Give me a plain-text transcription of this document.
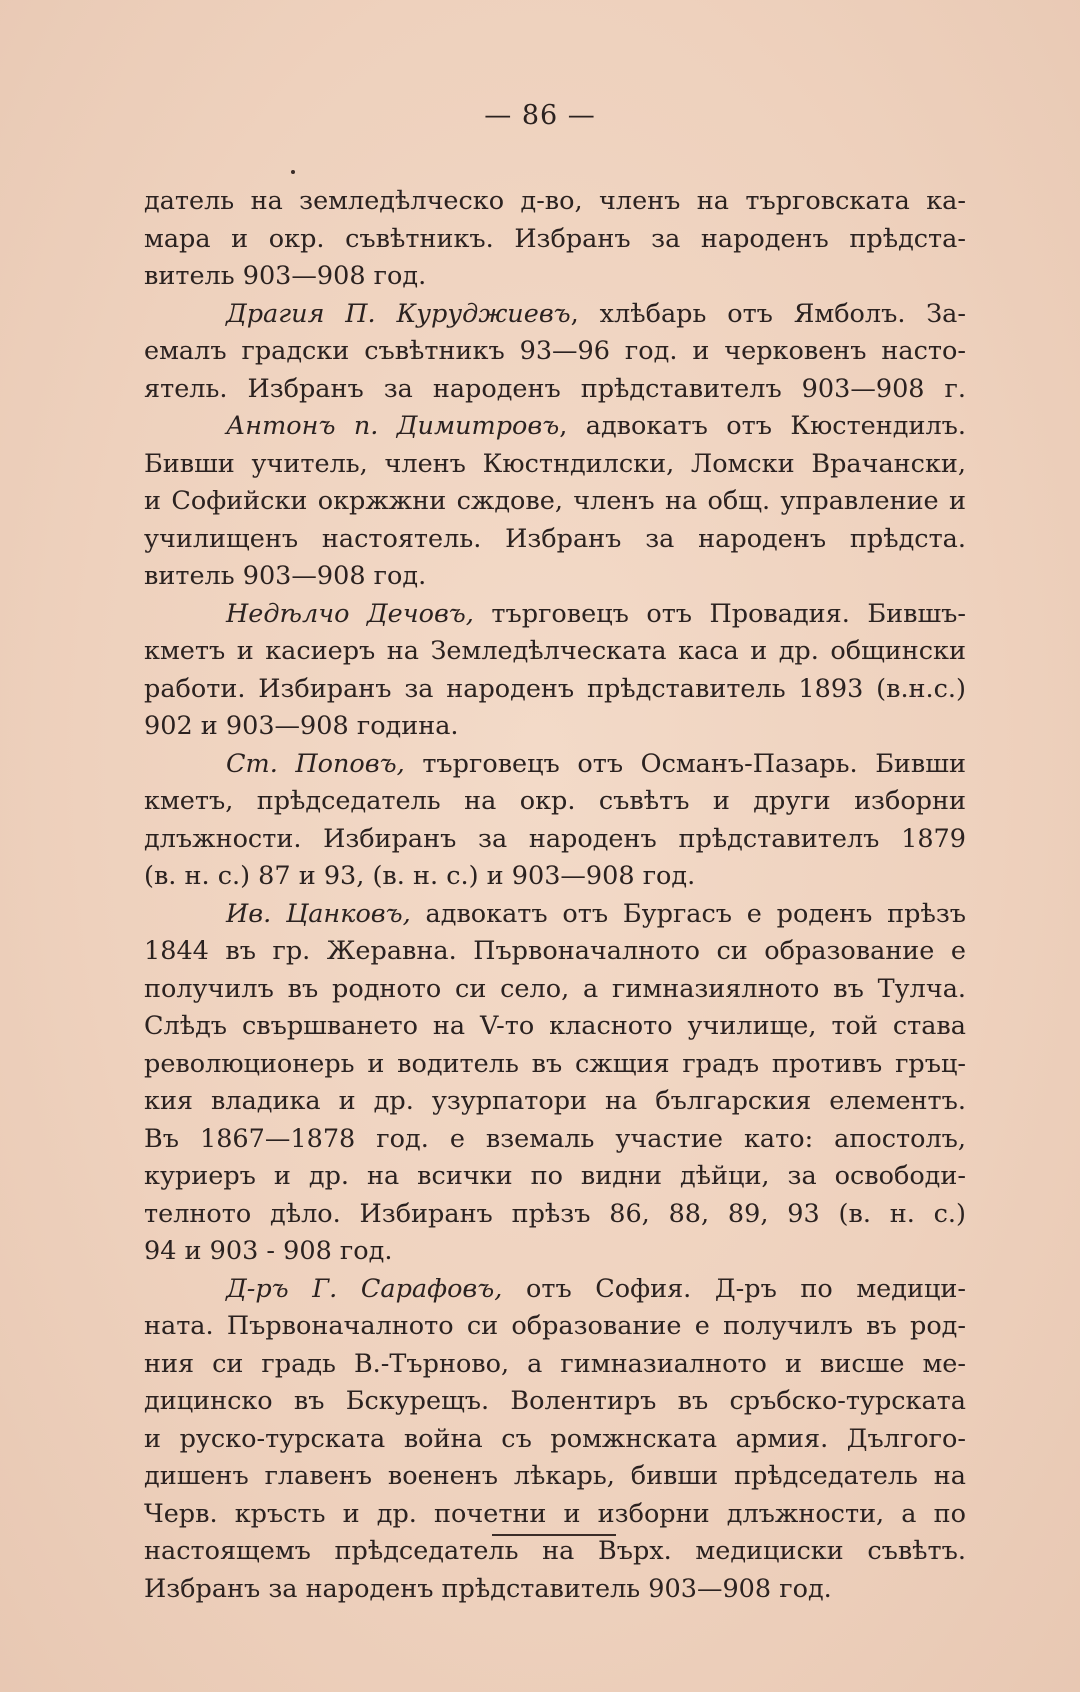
— 86 —
датель на земледѣлческо д-во, членъ на търговската ка-
мара и окр. съвѣтникъ. Избранъ за народенъ прѣдста-
витель 903—908 год.
Драгия П. Куруджиевъ, хлѣбарь отъ Ямболъ. За-
емалъ градски съвѣтникъ 93—96 год. и черковенъ насто-
ятель. Избранъ за народенъ прѣдставителъ 903—908 г.
Антонъ п. Димитровъ, адвокатъ отъ Кюстендилъ.
Бивши учитель, членъ Кюстндилски, Ломски Врачански,
и Софийски окржжни сждове, членъ на общ. управление и
училищенъ настоятель. Избранъ за народенъ прѣдста.
витель 903—908 год.
Недѣлчо Дечовъ, търговецъ отъ Провадия. Бившъ-
кметъ и касиеръ на Земледѣлческата каса и др. общински
работи. Избиранъ за народенъ прѣдставитель 1893 (в.н.с.)
902 и 903—908 година.
Ст. Поповъ, търговецъ отъ Османъ-Пазарь. Бивши
кметъ, прѣдседатель на окр. съвѣтъ и други изборни
длъжности. Избиранъ за народенъ прѣдставителъ 1879
(в. н. с.) 87 и 93, (в. н. с.) и 903—908 год.
Ив. Цанковъ, адвокатъ отъ Бургасъ е роденъ прѣзъ
1844 въ гр. Жеравна. Първоначалното си образование е
получилъ въ родното си село, а гимназиялното въ Тулча.
Слѣдъ свършването на V-то класното училище, той става
революционерь и водитель въ сжщия градъ противъ гръц-
кия владика и др. узурпатори на българския елементъ.
Въ 1867—1878 год. е вземаль участие като: апостолъ,
куриеръ и др. на всички по видни дѣйци, за освободи-
телното дѣло. Избиранъ прѣзъ 86, 88, 89, 93 (в. н. с.)
94 и 903 - 908 год.
Д-ръ Г. Сарафовъ, отъ София. Д-ръ по медици-
ната. Първоначалното си образование е получилъ въ род-
ния си градь В.-Търново, а гимназиалното и висше ме-
дицинско въ Бскурещъ. Волентиръ въ сръбско-турската
и руско-турската война съ ромжнската армия. Дългого-
дишенъ главенъ воененъ лѣкарь, бивши прѣдседатель на
Черв. кръсть и др. почетни и изборни длъжности, а по
настоящемъ прѣдседатель на Върх. медициски съвѣтъ.
Избранъ за народенъ прѣдставитель 903—908 год.
